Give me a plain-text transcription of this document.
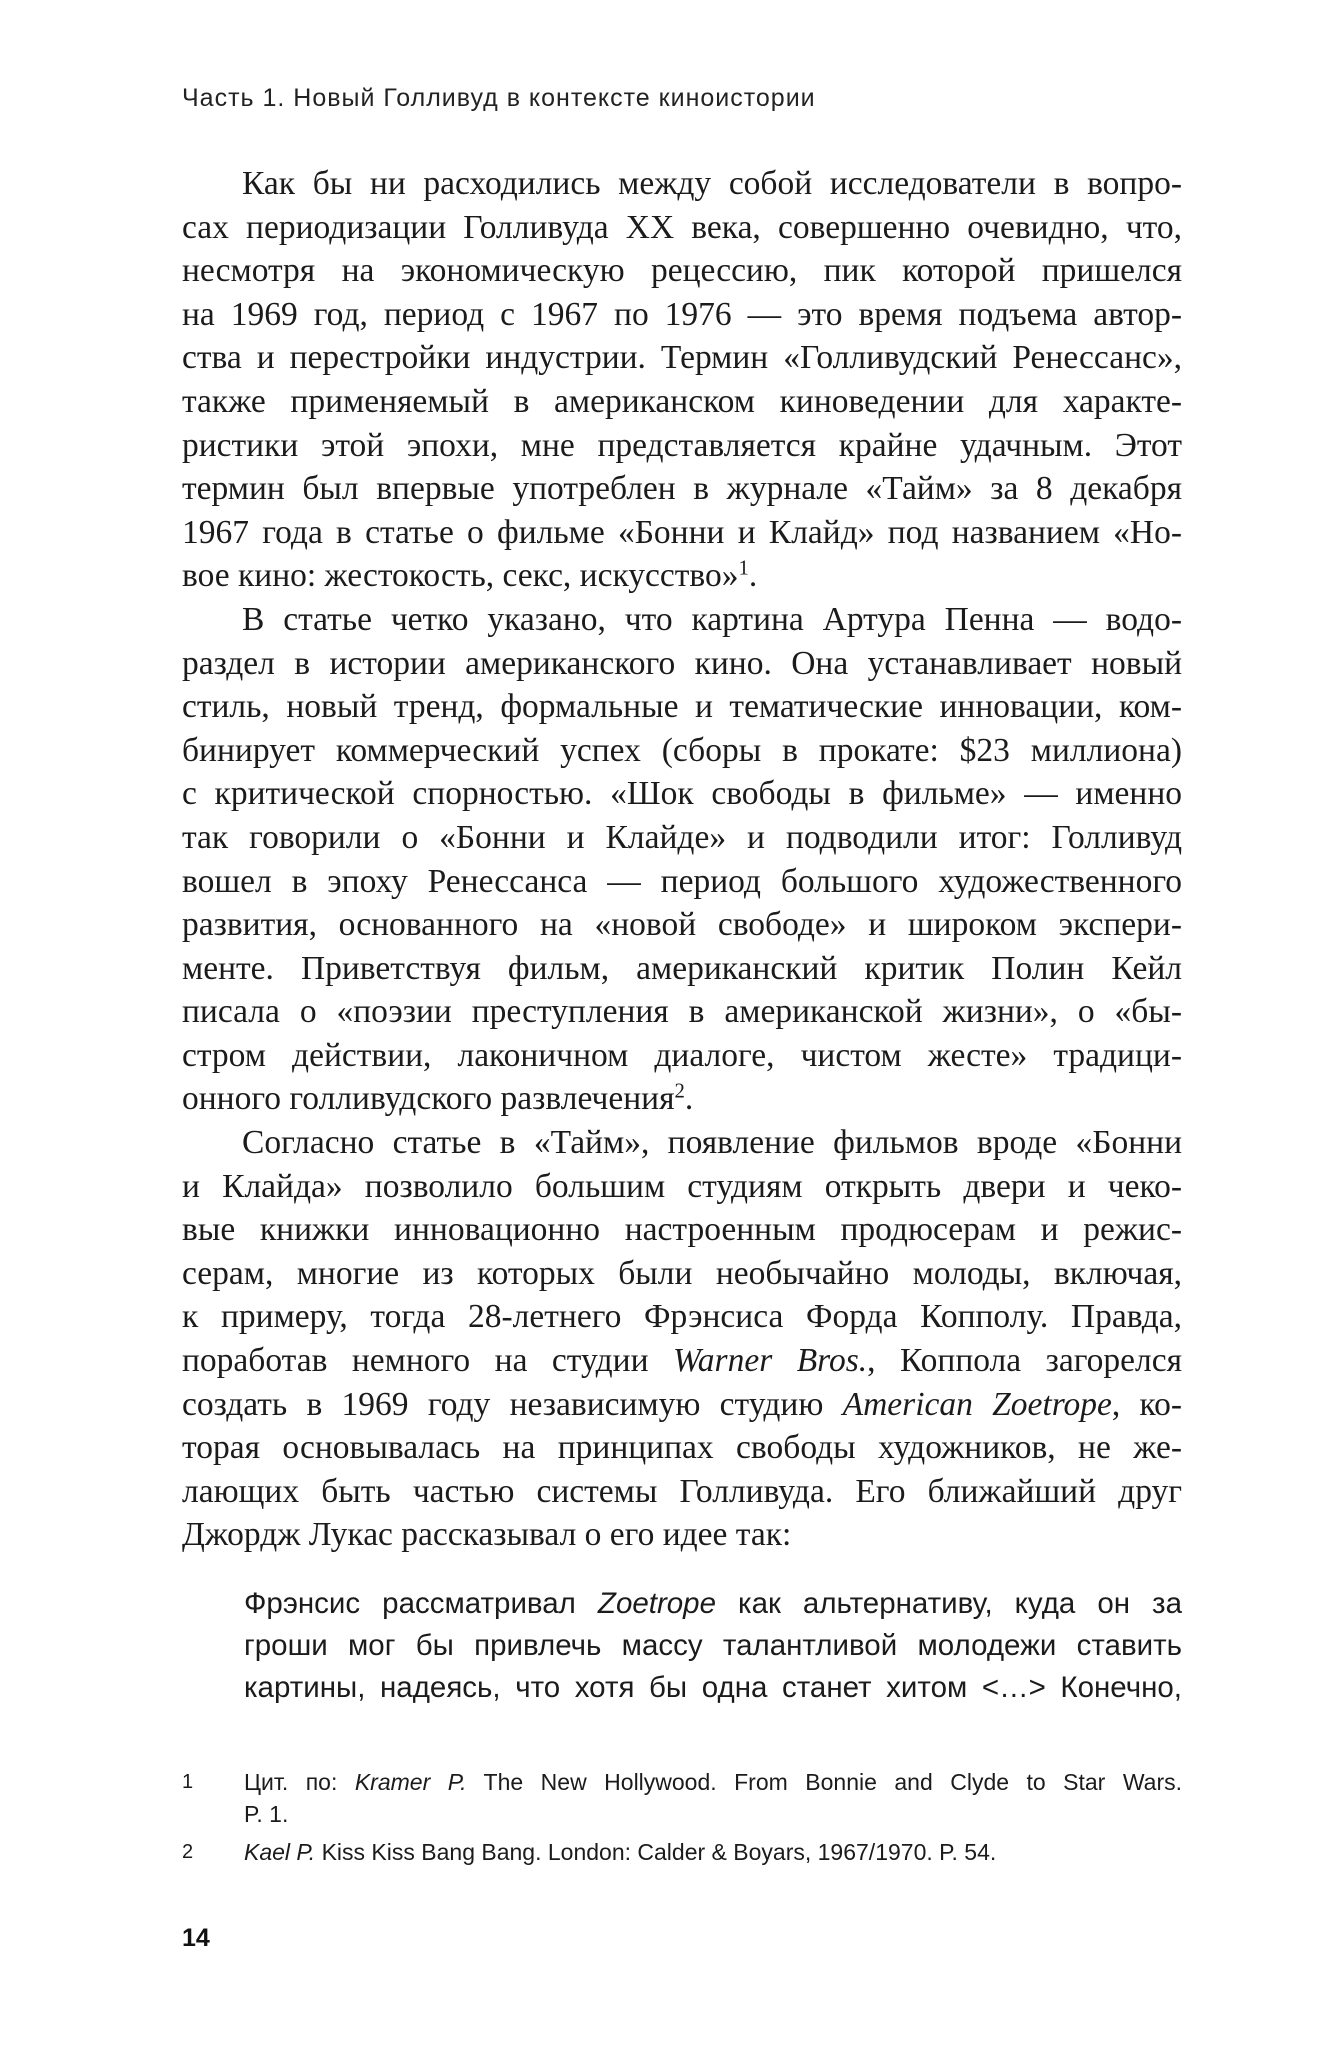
Часть 1. Новый Голливуд в контексте киноистории
Как бы ни расходились между собой исследователи в вопро-
сах периодизации Голливуда XX века, совершенно очевидно, что,
несмотря на экономическую рецессию, пик которой пришелся
на 1969 год, период с 1967 по 1976 — это время подъема автор-
ства и перестройки индустрии. Термин «Голливудский Ренессанс»,
также применяемый в американском киноведении для характе-
ристики этой эпохи, мне представляется крайне удачным. Этот
термин был впервые употреблен в журнале «Тайм» за 8 декабря
1967 года в статье о фильме «Бонни и Клайд» под названием «Но-
вое кино: жестокость, секс, искусство»$^1$.
В статье четко указано, что картина Артура Пенна — водо-
раздел в истории американского кино. Она устанавливает новый
стиль, новый тренд, формальные и тематические инновации, ком-
бинирует коммерческий успех (сборы в прокате: $23 миллиона)
с критической спорностью. «Шок свободы в фильме» — именно
так говорили о «Бонни и Клайде» и подводили итог: Голливуд
вошел в эпоху Ренессанса — период большого художественного
развития, основанного на «новой свободе» и широком экспери-
менте. Приветствуя фильм, американский критик Полин Кейл
писала о «поэзии преступления в американской жизни», о «бы-
стром действии, лаконичном диалоге, чистом жесте» традици-
онного голливудского развлечения$^2$.
Согласно статье в «Тайм», появление фильмов вроде «Бонни
и Клайда» позволило большим студиям открыть двери и чеко-
вые книжки инновационно настроенным продюсерам и режис-
серам, многие из которых были необычайно молоды, включая,
к примеру, тогда 28-летнего Фрэнсиса Форда Копполу. Правда,
поработав немного на студии Warner Bros., Коппола загорелся
создать в 1969 году независимую студию American Zoetrope, ко-
торая основывалась на принципах свободы художников, не же-
лающих быть частью системы Голливуда. Его ближайший друг
Джордж Лукас рассказывал о его идее так:
Фрэнсис рассматривал Zoetrope как альтернативу, куда он за
гроши мог бы привлечь массу талантливой молодежи ставить
картины, надеясь, что хотя бы одна станет хитом <…> Конечно,
1 Цит. по: Kramer P. The New Hollywood. From Bonnie and Clyde to Star Wars.
P. 1.
2 Kael P. Kiss Kiss Bang Bang. London: Calder & Boyars, 1967/1970. P. 54.
14
